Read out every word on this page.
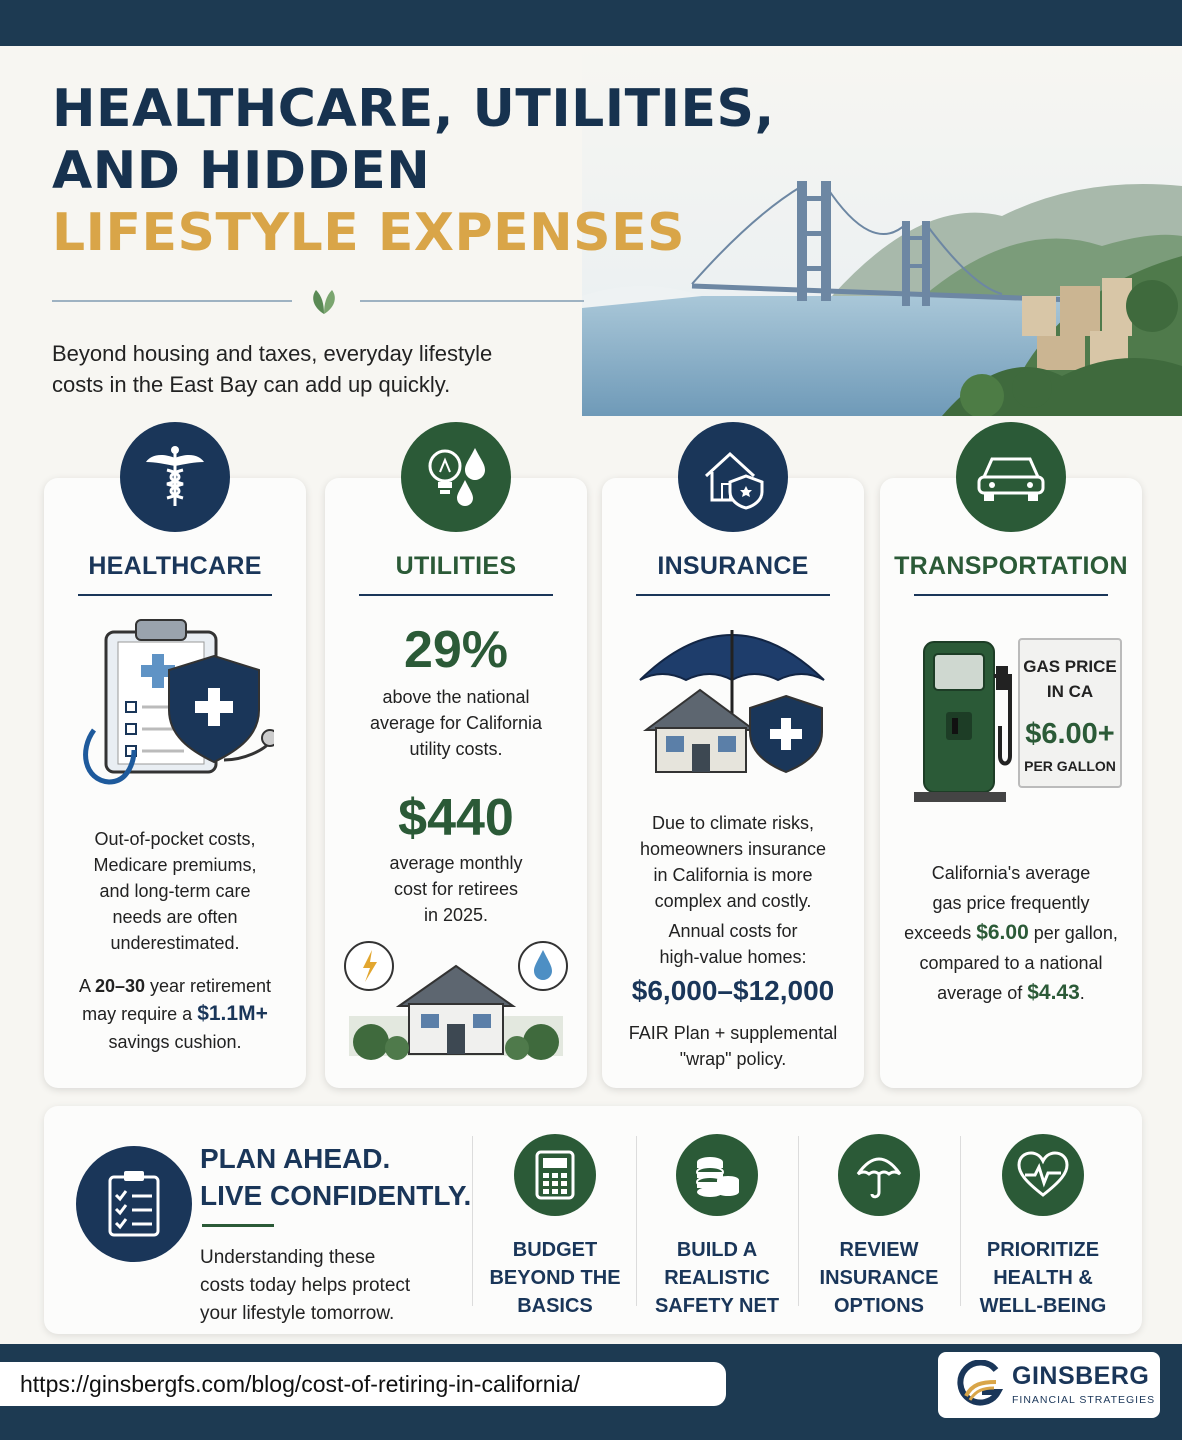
HEALTHCARE, UTILITIES,
AND HIDDEN
LIFESTYLE EXPENSES
Beyond housing and taxes, everyday lifestyle
costs in the East Bay can add up quickly.
HEALTHCARE
Out-of-pocket costs,
Medicare premiums,
and long-term care
needs are often
underestimated.
A 20–30 year retirement
may require a $1.1M+
savings cushion.
UTILITIES
29%
above the national
average for California
utility costs.
$440
average monthly
cost for retirees
in 2025.
INSURANCE
Due to climate risks,
homeowners insurance
in California is more
complex and costly.
Annual costs for
high-value homes:
$6,000–$12,000
FAIR Plan + supplemental
"wrap" policy.
TRANSPORTATION
GAS PRICE
IN CA
$6.00+
PER GALLON
California's average
gas price frequently
exceeds $6.00 per gallon,
compared to a national
average of $4.43.
PLAN AHEAD.
LIVE CONFIDENTLY.
Understanding these
costs today helps protect
your lifestyle tomorrow.
BUDGET
BEYOND THE
BASICS
BUILD A
REALISTIC
SAFETY NET
REVIEW
INSURANCE
OPTIONS
PRIORITIZE
HEALTH &
WELL-BEING
https://ginsbergfs.com/blog/cost-of-retiring-in-california/	GINSBERG
FINANCIAL STRATEGIES
